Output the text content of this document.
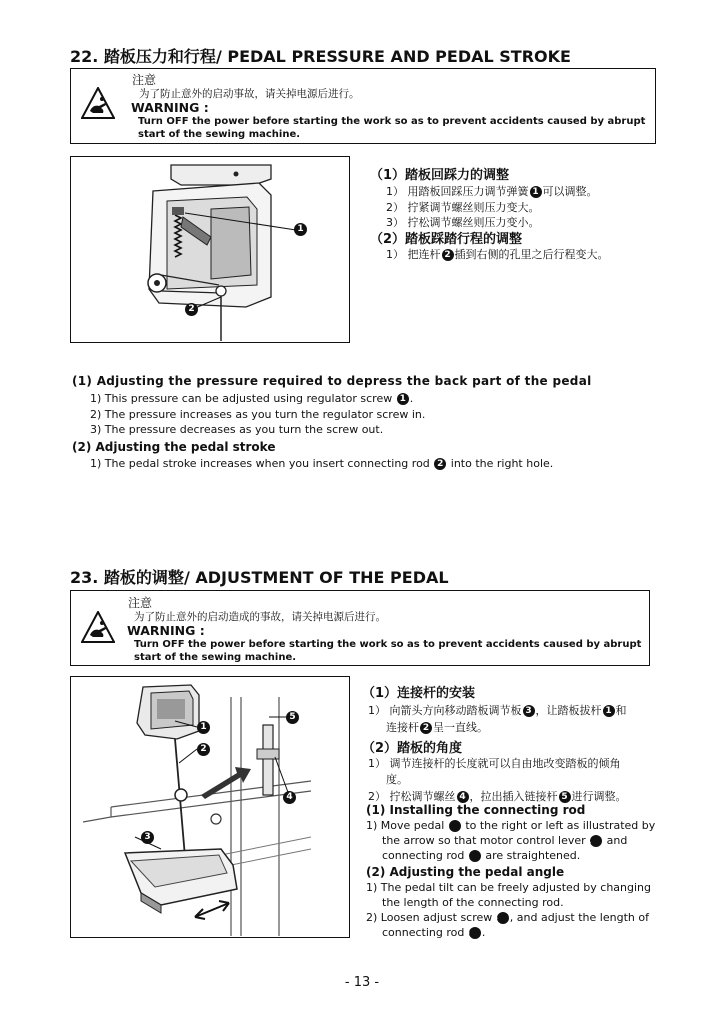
22. 踏板压力和行程/ PEDAL PRESSURE AND PEDAL STROKE
注意
为了防止意外的启动事故，请关掉电源后进行。
WARNING :
Turn OFF the power before starting the work so as to prevent accidents caused by abrupt start of the sewing machine.
1
2
（1）踏板回踩力的调整
1） 用踏板回踩压力调节弹簧 1 可以调整。
2） 拧紧调节螺丝则压力变大。
3） 拧松调节螺丝则压力变小。
（2）踏板踩踏行程的调整
1） 把连杆 2 插到右侧的孔里之后行程变大。
(1) Adjusting the pressure required to depress the back part of the pedal
1) This pressure can be adjusted using regulator screw 1 .
2) The pressure increases as you turn the regulator screw in.
3) The pressure decreases as you turn the screw out.
(2) Adjusting the pedal stroke
1) The pedal stroke increases when you insert connecting rod 2 into the right hole.
23. 踏板的调整/ ADJUSTMENT OF THE PEDAL
注意
为了防止意外的启动造成的事故，请关掉电源后进行。
WARNING :
Turn OFF the power before starting the work so as to prevent accidents caused by abrupt start of the sewing machine.
1
2
3
4
5
（1）连接杆的安装
1） 向箭头方向移动踏板调节板 3 ，让踏板拔杆 1 和
连接杆 2 呈一直线。
（2）踏板的角度
1） 调节连接杆的长度就可以自由地改变踏板的倾角
度。
2） 拧松调节螺丝 4 ，拉出插入链接杆 5 进行调整。
(1) Installing the connecting rod
1) Move pedal 3 to the right or left as illustrated by the arrow so that motor control lever 1 and connecting rod 2 are straightened.
(2) Adjusting the pedal angle
1) The pedal tilt can be freely adjusted by changing the length of the connecting rod.
2) Loosen adjust screw 4 , and adjust the length of connecting rod 5 .
- 13 -
